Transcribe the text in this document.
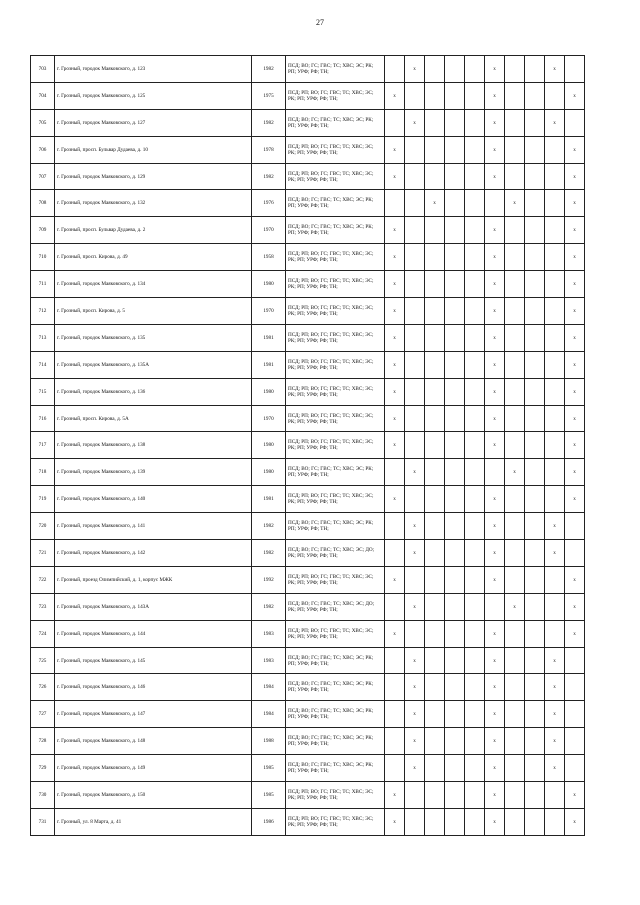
27
703	г. Грозный, городок Маяковского, д. 123	1982	ПСД; ВО; ГС; ГВС; ТС; ХВС; ЭС; РК; РП; УРФ; РФ; ТН;		x				x			x	
704	г. Грозный, городок Маяковского, д. 125	1975	ПСД; РП; ВО; ГС; ГВС; ТС; ХВС; ЭС; РК; РП; УРФ; РФ; ТН;	x					x				x
705	г. Грозный, городок Маяковского, д. 127	1982	ПСД; ВО; ГС; ГВС; ТС; ХВС; ЭС; РК; РП; УРФ; РФ; ТН;		x				x			x	
706	г. Грозный, просп. Бульвар Дудаева, д. 10	1978	ПСД; РП; ВО; ГС; ГВС; ТС; ХВС; ЭС; РК; РП; УРФ; РФ; ТН;	x					x				x
707	г. Грозный, городок Маяковского, д. 129	1982	ПСД; РП; ВО; ГС; ГВС; ТС; ХВС; ЭС; РК; РП; УРФ; РФ; ТН;	x					x				x
708	г. Грозный, городок Маяковского, д. 132	1976	ПСД; ВО; ГС; ГВС; ТС; ХВС; ЭС; РК; РП; УРФ; РФ; ТН;			x				x			x
709	г. Грозный, просп. Бульвар Дудаева, д. 2	1970	ПСД; ВО; ГС; ГВС; ТС; ХВС; ЭС; РК; РП; УРФ; РФ; ТН;	x					x				x
710	г. Грозный, просп. Кирова, д. 49	1958	ПСД; РП; ВО; ГС; ГВС; ТС; ХВС; ЭС; РК; РП; УРФ; РФ; ТН;	x					x				x
711	г. Грозный, городок Маяковского, д. 134	1980	ПСД; РП; ВО; ГС; ГВС; ТС; ХВС; ЭС; РК; РП; УРФ; РФ; ТН;	x					x				x
712	г. Грозный, просп. Кирова, д. 5	1970	ПСД; РП; ВО; ГС; ГВС; ТС; ХВС; ЭС; РК; РП; УРФ; РФ; ТН;	x					x				x
713	г. Грозный, городок Маяковского, д. 135	1981	ПСД; РП; ВО; ГС; ГВС; ТС; ХВС; ЭС; РК; РП; УРФ; РФ; ТН;	x					x				x
714	г. Грозный, городок Маяковского, д. 135А	1981	ПСД; РП; ВО; ГС; ГВС; ТС; ХВС; ЭС; РК; РП; УРФ; РФ; ТН;	x					x				x
715	г. Грозный, городок Маяковского, д. 136	1980	ПСД; РП; ВО; ГС; ГВС; ТС; ХВС; ЭС; РК; РП; УРФ; РФ; ТН;	x					x				x
716	г. Грозный, просп. Кирова, д. 5А	1970	ПСД; РП; ВО; ГС; ГВС; ТС; ХВС; ЭС; РК; РП; УРФ; РФ; ТН;	x					x				x
717	г. Грозный, городок Маяковского, д. 138	1980	ПСД; РП; ВО; ГС; ГВС; ТС; ХВС; ЭС; РК; РП; УРФ; РФ; ТН;	x					x				x
718	г. Грозный, городок Маяковского, д. 139	1980	ПСД; ВО; ГС; ГВС; ТС; ХВС; ЭС; РК; РП; УРФ; РФ; ТН;		x					x			x
719	г. Грозный, городок Маяковского, д. 140	1981	ПСД; РП; ВО; ГС; ГВС; ТС; ХВС; ЭС; РК; РП; УРФ; РФ; ТН;	x					x				x
720	г. Грозный, городок Маяковского, д. 141	1982	ПСД; ВО; ГС; ГВС; ТС; ХВС; ЭС; РК; РП; УРФ; РФ; ТН;		x				x			x	
721	г. Грозный, городок Маяковского, д. 142	1982	ПСД; ВО; ГС; ГВС; ТС; ХВС; ЭС; ДО; РК; РП; УРФ; РФ; ТН;		x				x			x	
722	г. Грозный, проезд Олимпийский, д. 1, корпус МЖК	1992	ПСД; РП; ВО; ГС; ГВС; ТС; ХВС; ЭС; РК; РП; УРФ; РФ; ТН;	x					x				x
723	г. Грозный, городок Маяковского, д. 143А	1982	ПСД; ВО; ГС; ГВС; ТС; ХВС; ЭС; ДО; РК; РП; УРФ; РФ; ТН;		x					x			x
724	г. Грозный, городок Маяковского, д. 144	1983	ПСД; РП; ВО; ГС; ГВС; ТС; ХВС; ЭС; РК; РП; УРФ; РФ; ТН;	x					x				x
725	г. Грозный, городок Маяковского, д. 145	1983	ПСД; ВО; ГС; ГВС; ТС; ХВС; ЭС; РК; РП; УРФ; РФ; ТН;		x				x			x	
726	г. Грозный, городок Маяковского, д. 146	1984	ПСД; ВО; ГС; ГВС; ТС; ХВС; ЭС; РК; РП; УРФ; РФ; ТН;		x				x			x	
727	г. Грозный, городок Маяковского, д. 147	1984	ПСД; ВО; ГС; ГВС; ТС; ХВС; ЭС; РК; РП; УРФ; РФ; ТН;		x				x			x	
728	г. Грозный, городок Маяковского, д. 148	1988	ПСД; ВО; ГС; ГВС; ТС; ХВС; ЭС; РК; РП; УРФ; РФ; ТН;		x				x			x	
729	г. Грозный, городок Маяковского, д. 149	1985	ПСД; ВО; ГС; ГВС; ТС; ХВС; ЭС; РК; РП; УРФ; РФ; ТН;		x				x			x	
730	г. Грозный, городок Маяковского, д. 150	1985	ПСД; РП; ВО; ГС; ГВС; ТС; ХВС; ЭС; РК; РП; УРФ; РФ; ТН;	x					x				x
731	г. Грозный, ул. 8 Марта, д. 41	1986	ПСД; РП; ВО; ГС; ГВС; ТС; ХВС; ЭС; РК; РП; УРФ; РФ; ТН;	x					x				x
